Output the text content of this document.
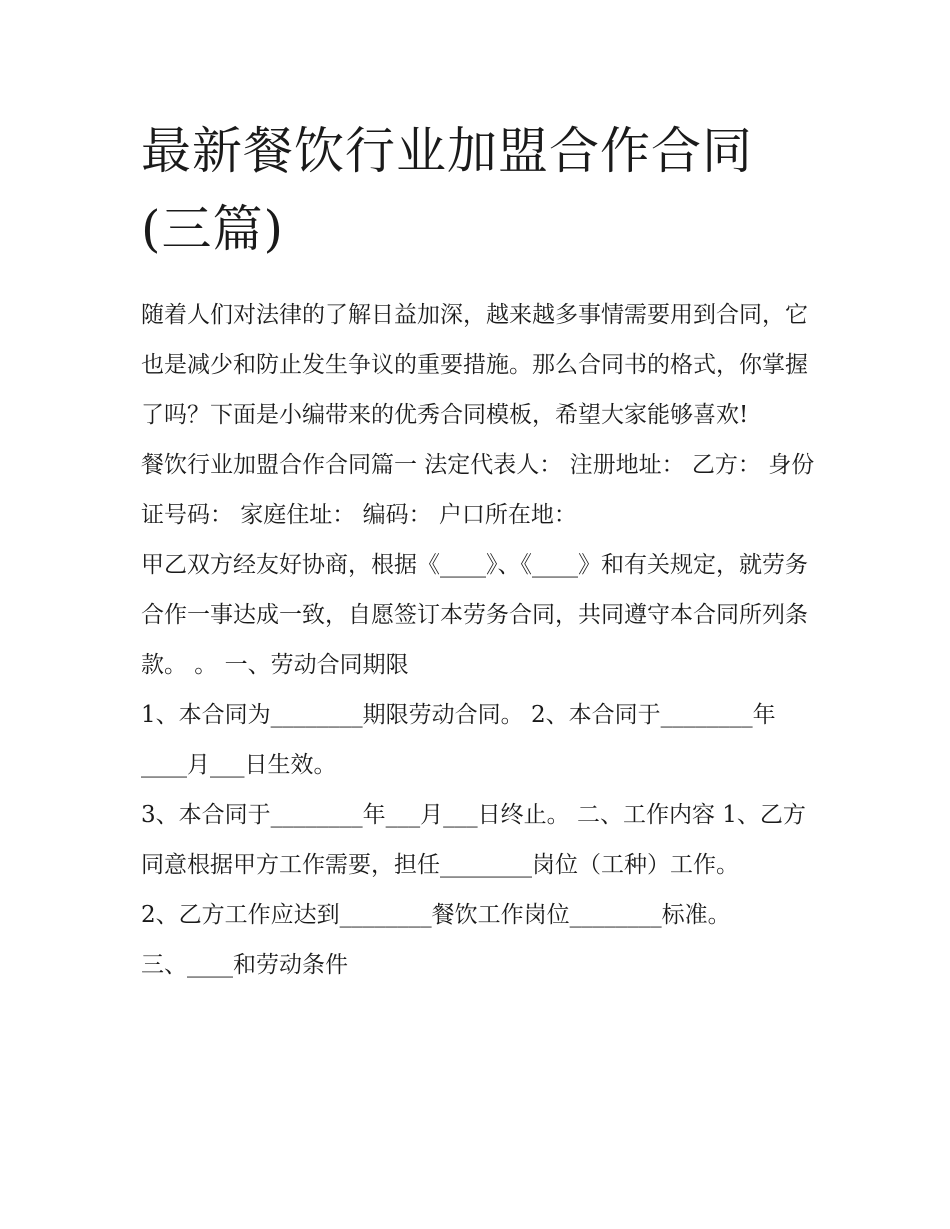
最新餐饮行业加盟合作合同(三篇)

随着人们对法律的了解日益加深，越来越多事情需要用到合同，它也是减少和防止发生争议的重要措施。那么合同书的格式，你掌握了吗？下面是小编带来的优秀合同模板，希望大家能够喜欢!

餐饮行业加盟合作合同篇一 法定代表人： 注册地址： 乙方： 身份证号码： 家庭住址： 编码： 户口所在地：

甲乙双方经友好协商，根据《____》、《____》和有关规定，就劳务合作一事达成一致，自愿签订本劳务合同，共同遵守本合同所列条款。 。 一、劳动合同期限

1、本合同为________期限劳动合同。 2、本合同于________年____月___日生效。

3、本合同于________年___月___日终止。 二、工作内容 1、乙方同意根据甲方工作需要，担任________岗位（工种）工作。

2、乙方工作应达到________餐饮工作岗位________标准。

三、____和劳动条件
